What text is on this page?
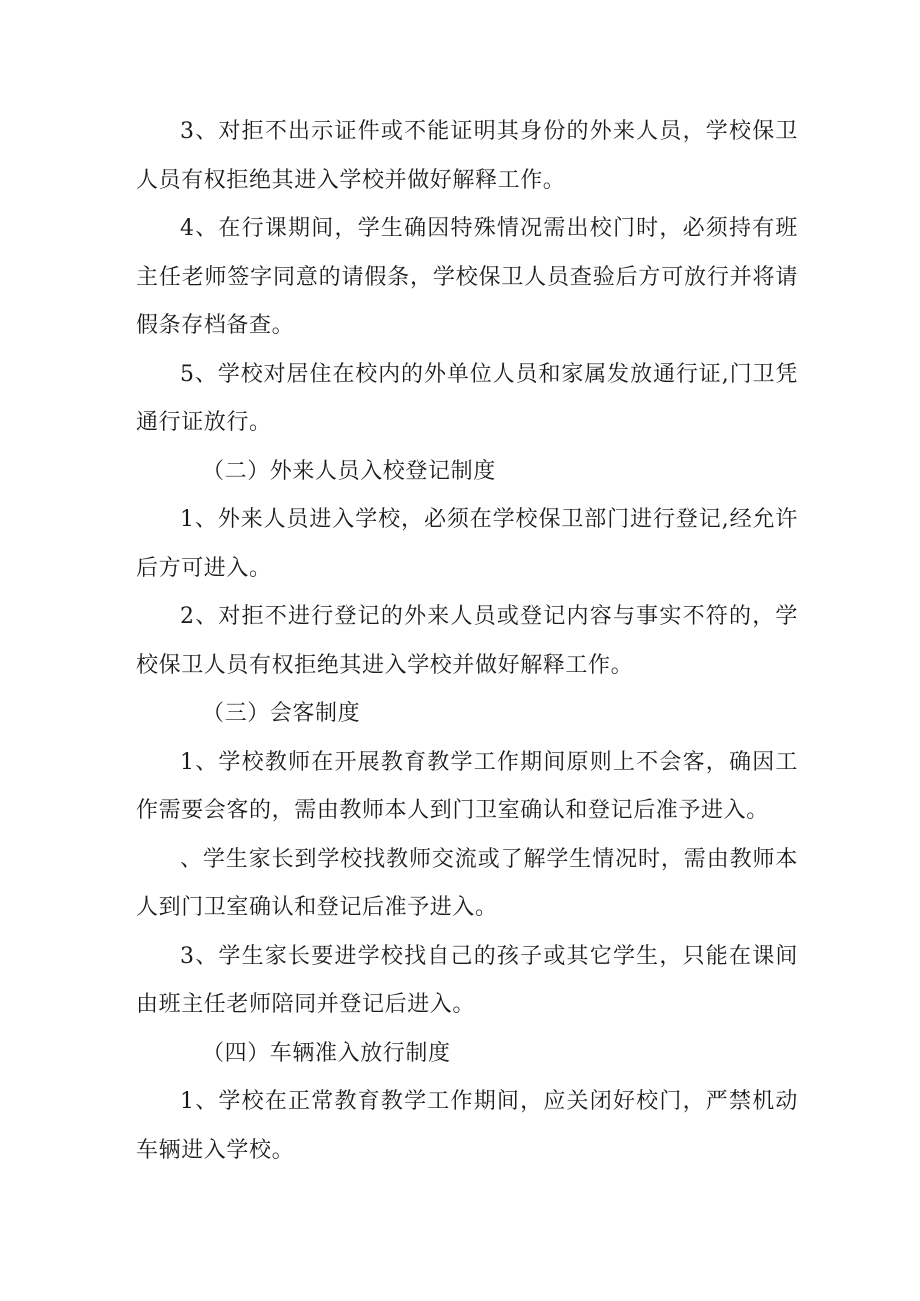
3、对拒不出示证件或不能证明其身份的外来人员，学校保卫人员有权拒绝其进入学校并做好解释工作。

4、在行课期间，学生确因特殊情况需出校门时，必须持有班主任老师签字同意的请假条，学校保卫人员查验后方可放行并将请假条存档备查。

5、学校对居住在校内的外单位人员和家属发放通行证,门卫凭通行证放行。

（二）外来人员入校登记制度

1、外来人员进入学校，必须在学校保卫部门进行登记,经允许后方可进入。

2、对拒不进行登记的外来人员或登记内容与事实不符的，学校保卫人员有权拒绝其进入学校并做好解释工作。

（三）会客制度

1、学校教师在开展教育教学工作期间原则上不会客，确因工作需要会客的，需由教师本人到门卫室确认和登记后准予进入。

、学生家长到学校找教师交流或了解学生情况时，需由教师本人到门卫室确认和登记后准予进入。

3、学生家长要进学校找自己的孩子或其它学生，只能在课间由班主任老师陪同并登记后进入。

（四）车辆准入放行制度

1、学校在正常教育教学工作期间，应关闭好校门，严禁机动车辆进入学校。
